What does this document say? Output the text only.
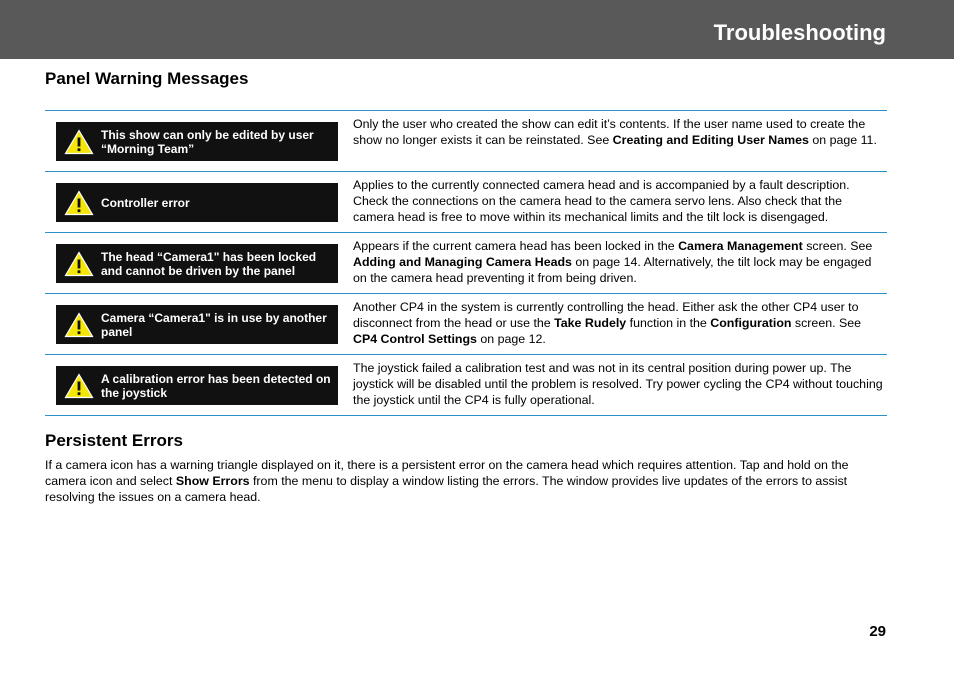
Troubleshooting
Panel Warning Messages
This show can only be edited by user “Morning Team”
Only the user who created the show can edit it’s contents. If the user name used to create the show no longer exists it can be reinstated. See Creating and Editing User Names on page 11.
Controller error
Applies to the currently connected camera head and is accompanied by a fault description. Check the connections on the camera head to the camera servo lens. Also check that the camera head is free to move within its mechanical limits and the tilt lock is disengaged.
The head “Camera1" has been locked and cannot be driven by the panel
Appears if the current camera head has been locked in the Camera Management screen. See Adding and Managing Camera Heads on page 14. Alternatively, the tilt lock may be engaged on the camera head preventing it from being driven.
Camera “Camera1" is in use by another panel
Another CP4 in the system is currently controlling the head. Either ask the other CP4 user to disconnect from the head or use the Take Rudely function in the Configuration screen. See CP4 Control Settings on page 12.
A calibration error has been detected on the joystick
The joystick failed a calibration test and was not in its central position during power up. The joystick will be disabled until the problem is resolved. Try power cycling the CP4 without touching the joystick until the CP4 is fully operational.
Persistent Errors
If a camera icon has a warning triangle displayed on it, there is a persistent error on the camera head which requires attention. Tap and hold on the camera icon and select Show Errors from the menu to display a window listing the errors. The window provides live updates of the errors to assist resolving the issues on a camera head.
29
